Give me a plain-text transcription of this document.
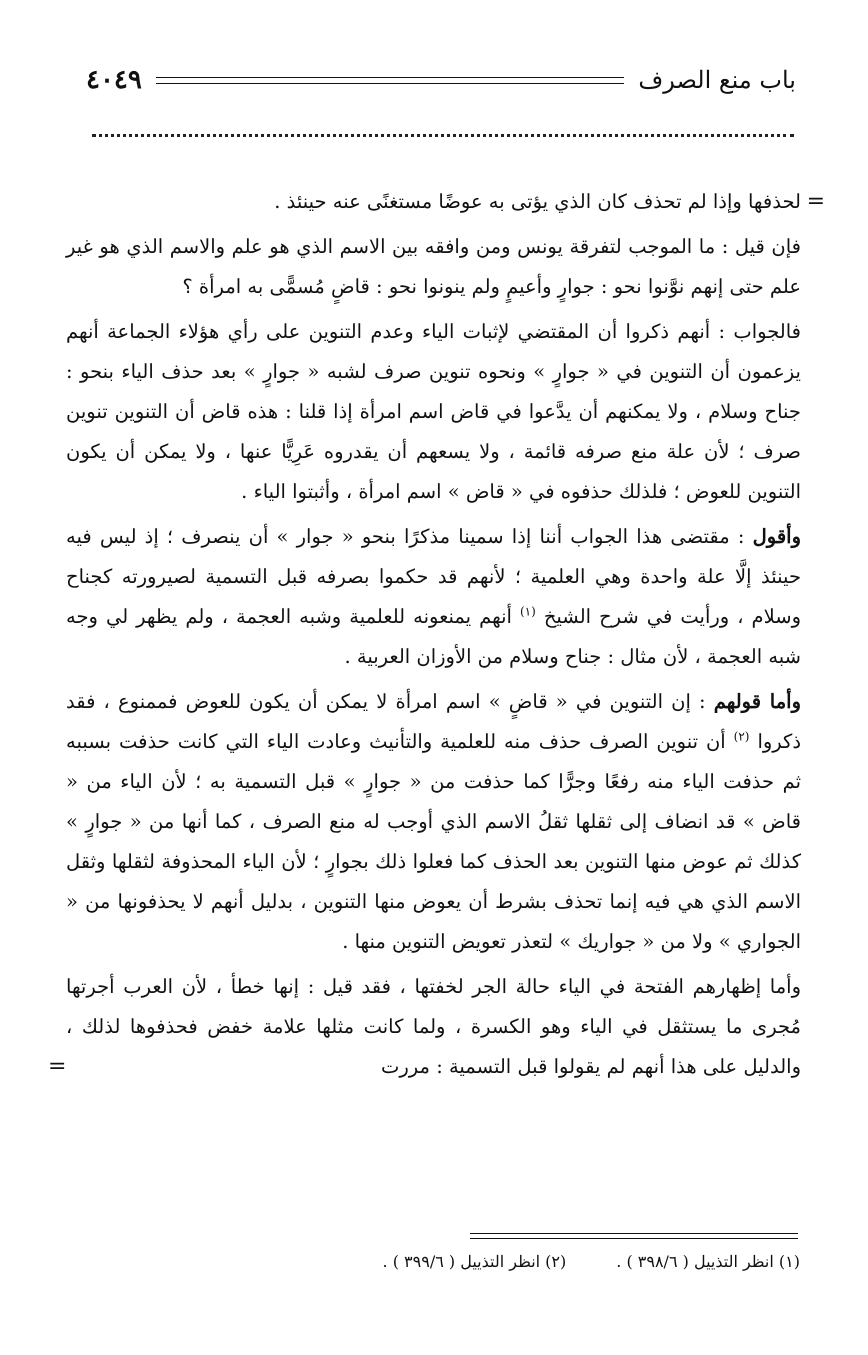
باب منع الصرف
٤٠٤٩

=
لحذفها وإذا لم تحذف كان الذي يؤتى به عوضًا مستغنًى عنه حينئذ .

فإن قيل : ما الموجب لتفرقة يونس ومن وافقه بين الاسم الذي هو علم والاسم الذي هو غير علم حتى إنهم نوَّنوا نحو : جوارٍ وأعيمٍ ولم ينونوا نحو : قاضٍ مُسمًّى به امرأة ؟

فالجواب : أنهم ذكروا أن المقتضي لإثبات الياء وعدم التنوين على رأي هؤلاء الجماعة أنهم يزعمون أن التنوين في « جوارٍ » ونحوه تنوين صرف لشبه « جوارٍ » بعد حذف الياء بنحو : جناح وسلام ، ولا يمكنهم أن يدَّعوا في قاض اسم امرأة إذا قلنا : هذه قاض أن التنوين تنوين صرف ؛ لأن علة منع صرفه قائمة ، ولا يسعهم أن يقدروه عَرِيًّا عنها ، ولا يمكن أن يكون التنوين للعوض ؛ فلذلك حذفوه في « قاض » اسم امرأة ، وأثبتوا الياء .

وأقول : مقتضى هذا الجواب أننا إذا سمينا مذكرًا بنحو « جوار » أن ينصرف ؛ إذ ليس فيه حينئذ إلَّا علة واحدة وهي العلمية ؛ لأنهم قد حكموا بصرفه قبل التسمية لصيرورته كجناح وسلام ، ورأيت في شرح الشيخ $^{(١)}$ أنهم يمنعونه للعلمية وشبه العجمة ، ولم يظهر لي وجه شبه العجمة ، لأن مثال : جناح وسلام من الأوزان العربية .

وأما قولهم : إن التنوين في « قاضٍ » اسم امرأة لا يمكن أن يكون للعوض فممنوع ، فقد ذكروا $^{(٢)}$ أن تنوين الصرف حذف منه للعلمية والتأنيث وعادت الياء التي كانت حذفت بسببه ثم حذفت الياء منه رفعًا وجرًّا كما حذفت من « جوارٍ » قبل التسمية به ؛ لأن الياء من « قاض » قد انضاف إلى ثقلها ثقلُ الاسم الذي أوجب له منع الصرف ، كما أنها من « جوارٍ » كذلك ثم عوض منها التنوين بعد الحذف كما فعلوا ذلك بجوارٍ ؛ لأن الياء المحذوفة لثقلها وثقل الاسم الذي هي فيه إنما تحذف بشرط أن يعوض منها التنوين ، بدليل أنهم لا يحذفونها من « الجواري » ولا من « جواريك » لتعذر تعويض التنوين منها .

وأما إظهارهم الفتحة في الياء حالة الجر لخفتها ، فقد قيل : إنها خطأ ، لأن العرب أجرتها مُجرى ما يستثقل في الياء وهو الكسرة ، ولما كانت مثلها علامة خفض فحذفوها لذلك ، والدليل على هذا أنهم لم يقولوا قبل التسمية : مررت
=

(١) انظر التذييل ( ٣٩٨/٦ ) .
(٢) انظر التذييل ( ٣٩٩/٦ ) .
